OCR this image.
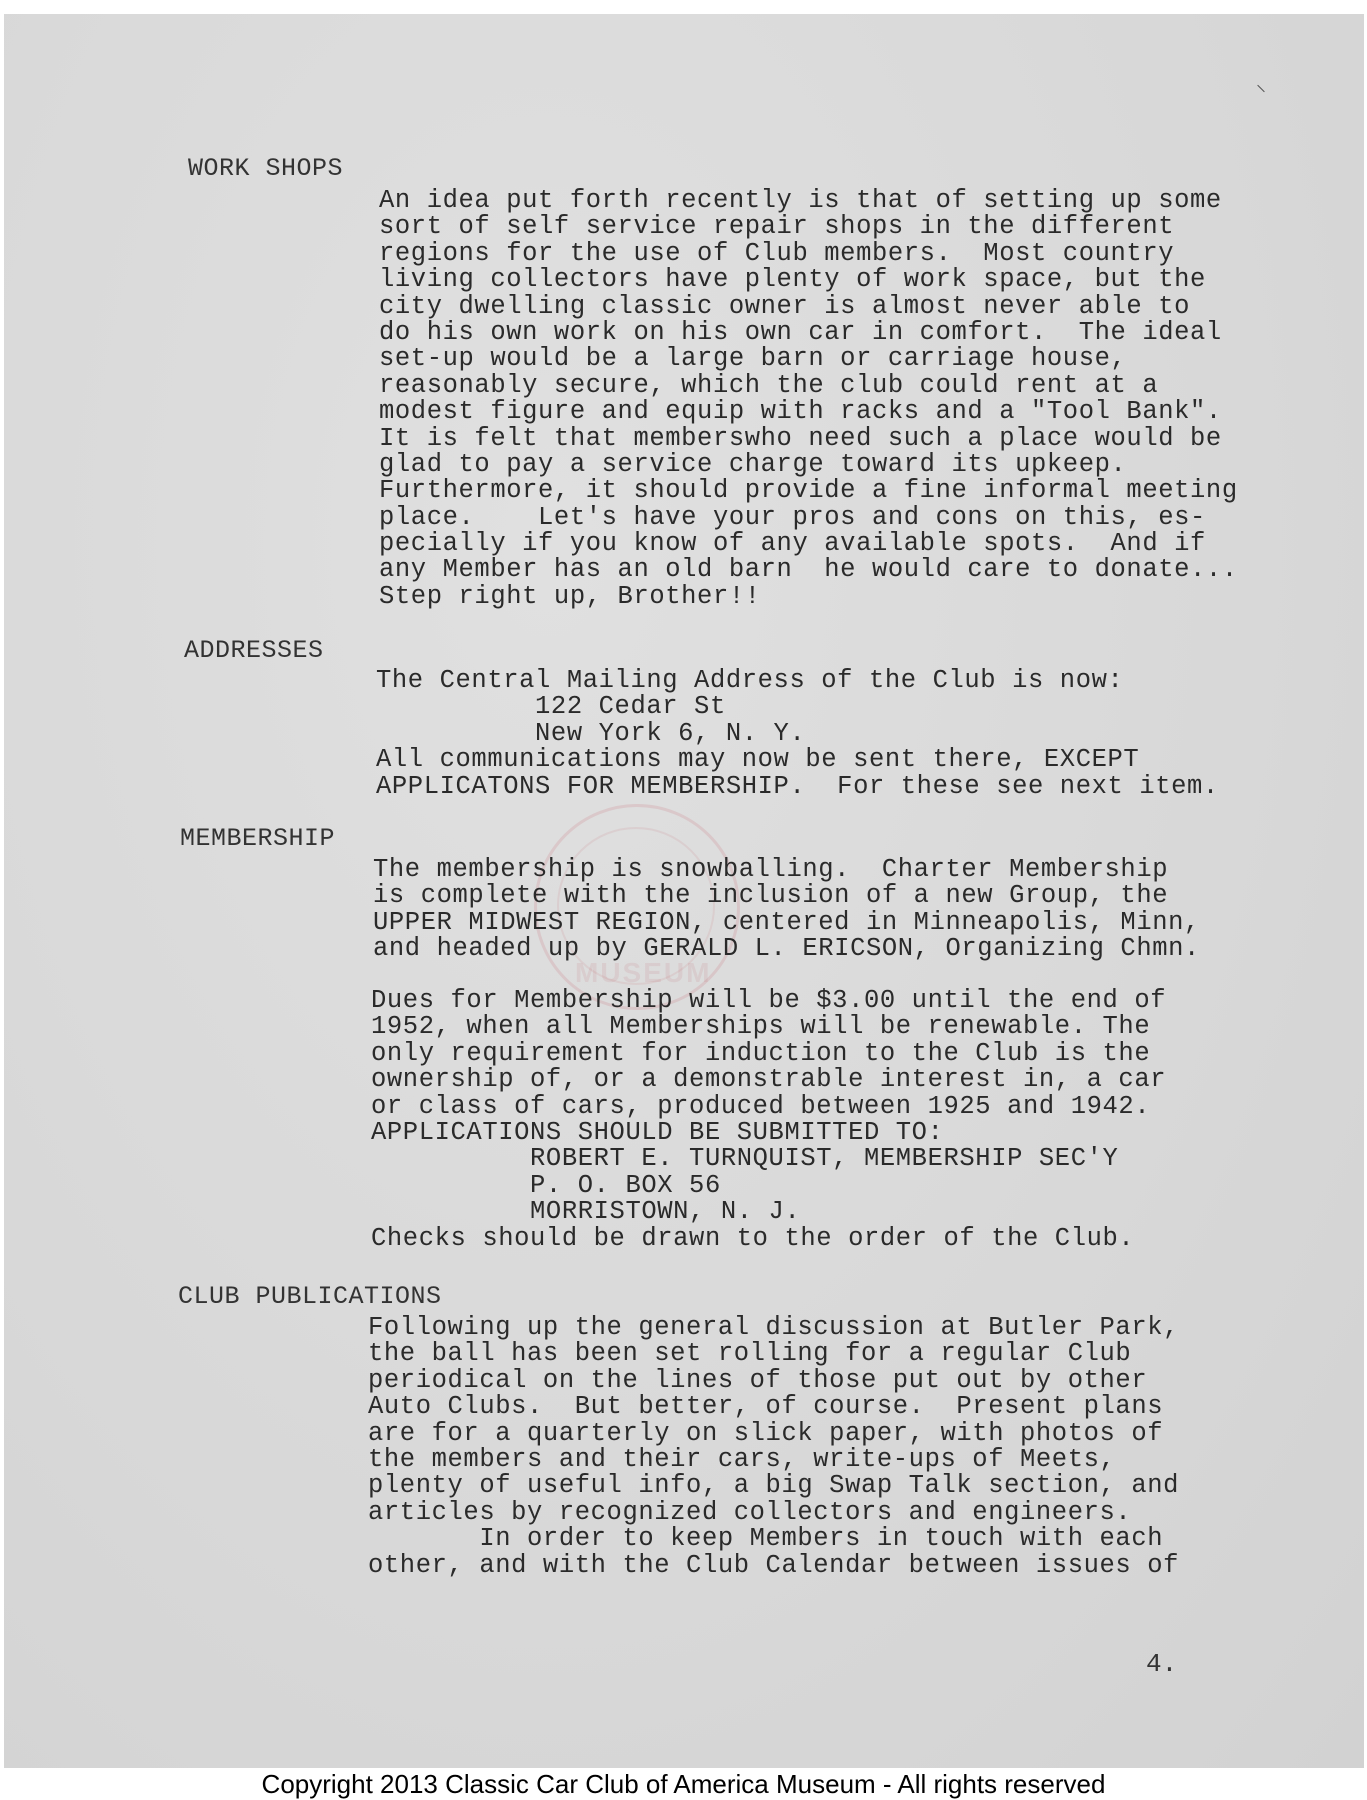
⸌
WORK SHOPS
An idea put forth recently is that of setting up some
sort of self service repair shops in the different
regions for the use of Club members.  Most country
living collectors have plenty of work space, but the
city dwelling classic owner is almost never able to
do his own work on his own car in comfort.  The ideal
set-up would be a large barn or carriage house,
reasonably secure, which the club could rent at a
modest figure and equip with racks and a "Tool Bank".
It is felt that memberswho need such a place would be
glad to pay a service charge toward its upkeep.
Furthermore, it should provide a fine informal meeting
place.    Let's have your pros and cons on this, es-
pecially if you know of any available spots.  And if
any Member has an old barn  he would care to donate...
Step right up, Brother!!
ADDRESSES
The Central Mailing Address of the Club is now:
122 Cedar St
New York 6, N. Y.
All communications may now be sent there, EXCEPT
APPLICATONS FOR MEMBERSHIP.  For these see next item.
MUSEUM
MEMBERSHIP
The membership is snowballing.  Charter Membership
is complete with the inclusion of a new Group, the
UPPER MIDWEST REGION, centered in Minneapolis, Minn,
and headed up by GERALD L. ERICSON, Organizing Chmn.
Dues for Membership will be $3.00 until the end of
1952, when all Memberships will be renewable. The
only requirement for induction to the Club is the
ownership of, or a demonstrable interest in, a car
or class of cars, produced between 1925 and 1942.
APPLICATIONS SHOULD BE SUBMITTED TO:
ROBERT E. TURNQUIST, MEMBERSHIP SEC'Y
P. O. BOX 56
MORRISTOWN, N. J.
Checks should be drawn to the order of the Club.
CLUB PUBLICATIONS
Following up the general discussion at Butler Park,
the ball has been set rolling for a regular Club
periodical on the lines of those put out by other
Auto Clubs.  But better, of course.  Present plans
are for a quarterly on slick paper, with photos of
the members and their cars, write-ups of Meets,
plenty of useful info, a big Swap Talk section, and
articles by recognized collectors and engineers.
In order to keep Members in touch with each
other, and with the Club Calendar between issues of
4.
Copyright 2013 Classic Car Club of America Museum - All rights reserved
